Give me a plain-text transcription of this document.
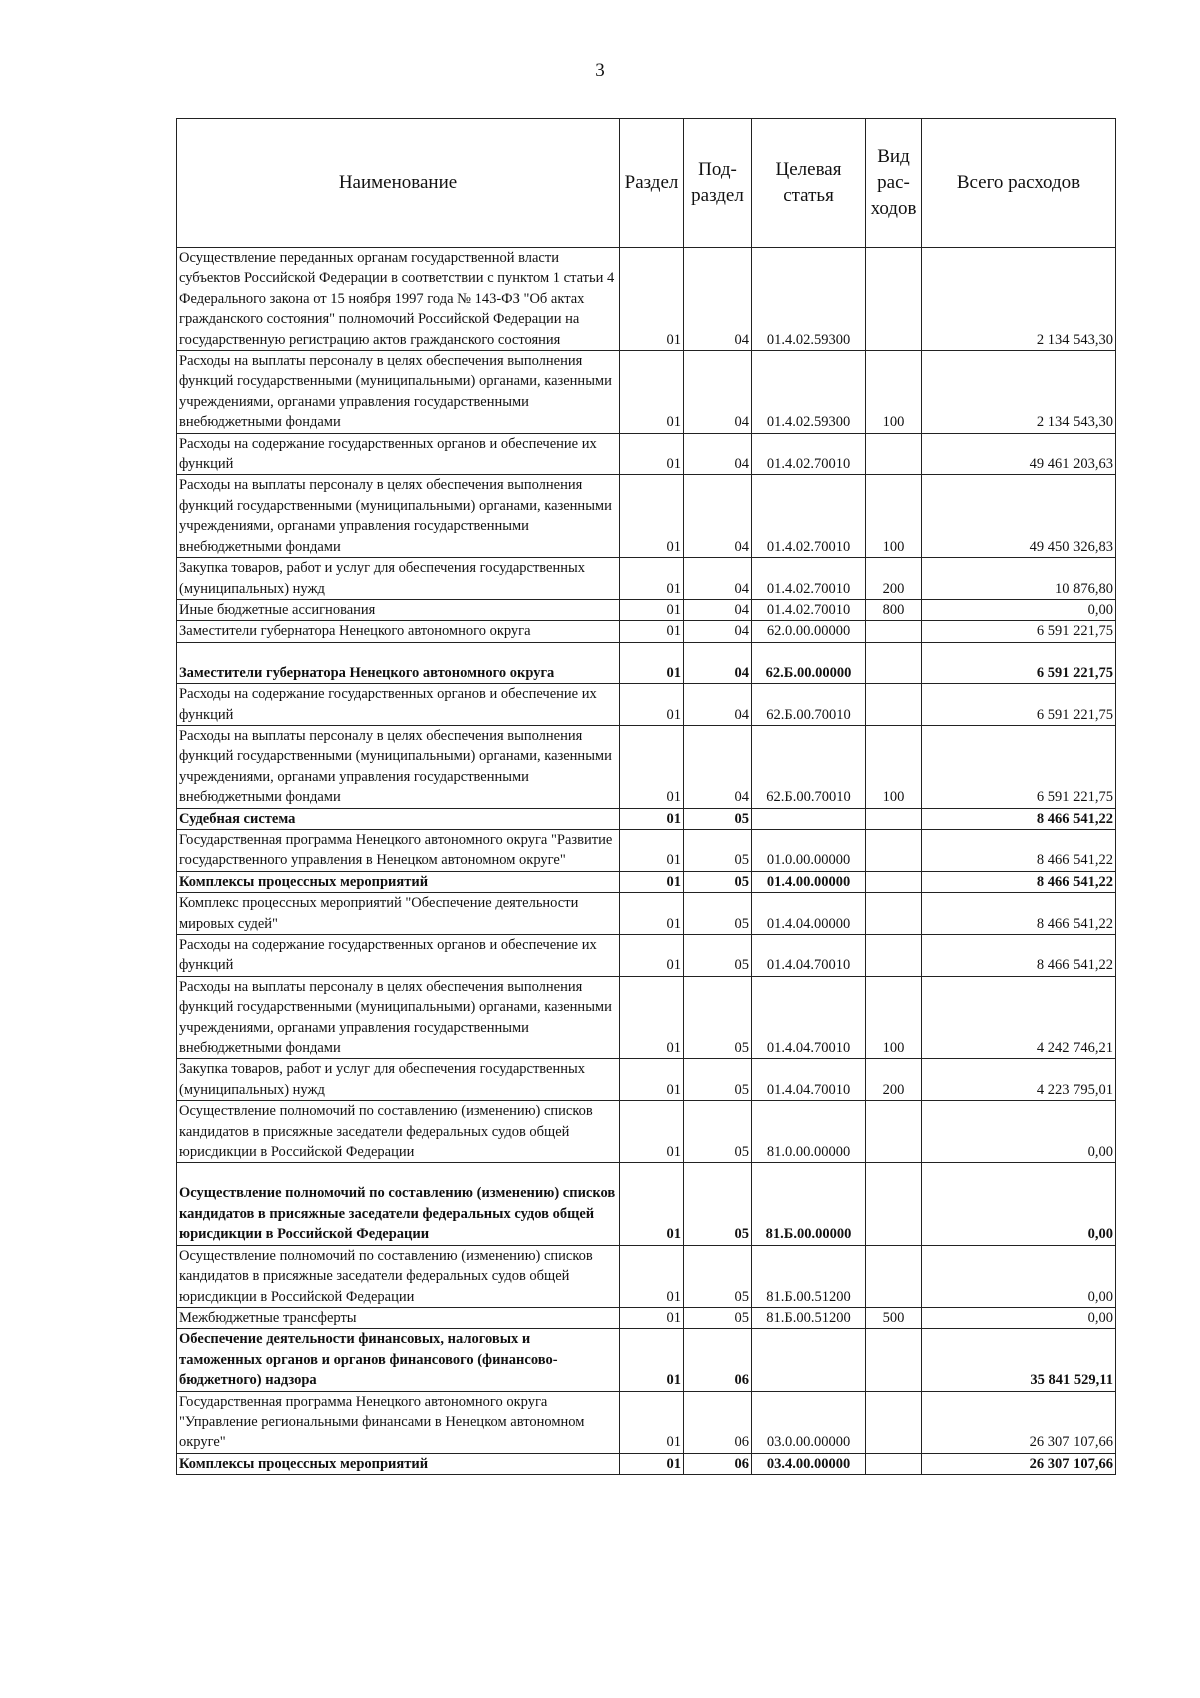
3
Наименование	Раздел	Под-раздел	Целевая статья	Вид рас-ходов	Всего расходов
Осуществление переданных органам государственной власти субъектов Российской Федерации в соответствии с пунктом 1 статьи 4 Федерального закона от 15 ноября 1997 года № 143-ФЗ "Об актах гражданского состояния" полномочий Российской Федерации на государственную регистрацию актов гражданского состояния	01	04	01.4.02.59300		2 134 543,30
Расходы на выплаты персоналу в целях обеспечения выполнения функций государственными (муниципальными) органами, казенными учреждениями, органами управления государственными внебюджетными фондами	01	04	01.4.02.59300	100	2 134 543,30
Расходы на содержание государственных органов и обеспечение их функций	01	04	01.4.02.70010		49 461 203,63
Расходы на выплаты персоналу в целях обеспечения выполнения функций государственными (муниципальными) органами, казенными учреждениями, органами управления государственными внебюджетными фондами	01	04	01.4.02.70010	100	49 450 326,83
Закупка товаров, работ и услуг для обеспечения государственных (муниципальных) нужд	01	04	01.4.02.70010	200	10 876,80
Иные бюджетные ассигнования	01	04	01.4.02.70010	800	0,00
Заместители губернатора Ненецкого автономного округа	01	04	62.0.00.00000		6 591 221,75
Заместители губернатора Ненецкого автономного округа	01	04	62.Б.00.00000		6 591 221,75
Расходы на содержание государственных органов и обеспечение их функций	01	04	62.Б.00.70010		6 591 221,75
Расходы на выплаты персоналу в целях обеспечения выполнения функций государственными (муниципальными) органами, казенными учреждениями, органами управления государственными внебюджетными фондами	01	04	62.Б.00.70010	100	6 591 221,75
Судебная система	01	05			8 466 541,22
Государственная программа Ненецкого автономного округа "Развитие государственного управления в Ненецком автономном округе"	01	05	01.0.00.00000		8 466 541,22
Комплексы процессных мероприятий	01	05	01.4.00.00000		8 466 541,22
Комплекс процессных мероприятий "Обеспечение деятельности мировых судей"	01	05	01.4.04.00000		8 466 541,22
Расходы на содержание государственных органов и обеспечение их функций	01	05	01.4.04.70010		8 466 541,22
Расходы на выплаты персоналу в целях обеспечения выполнения функций государственными (муниципальными) органами, казенными учреждениями, органами управления государственными внебюджетными фондами	01	05	01.4.04.70010	100	4 242 746,21
Закупка товаров, работ и услуг для обеспечения государственных (муниципальных) нужд	01	05	01.4.04.70010	200	4 223 795,01
Осуществление полномочий по составлению (изменению) списков кандидатов в присяжные заседатели федеральных судов общей юрисдикции в Российской Федерации	01	05	81.0.00.00000		0,00
Осуществление полномочий по составлению (изменению) списков кандидатов в присяжные заседатели федеральных судов общей юрисдикции в Российской Федерации	01	05	81.Б.00.00000		0,00
Осуществление полномочий по составлению (изменению) списков кандидатов в присяжные заседатели федеральных судов общей юрисдикции в Российской Федерации	01	05	81.Б.00.51200		0,00
Межбюджетные трансферты	01	05	81.Б.00.51200	500	0,00
Обеспечение деятельности финансовых, налоговых и таможенных органов и органов финансового (финансово-бюджетного) надзора	01	06			35 841 529,11
Государственная программа Ненецкого автономного округа "Управление региональными финансами в Ненецком автономном округе"	01	06	03.0.00.00000		26 307 107,66
Комплексы процессных мероприятий	01	06	03.4.00.00000		26 307 107,66
